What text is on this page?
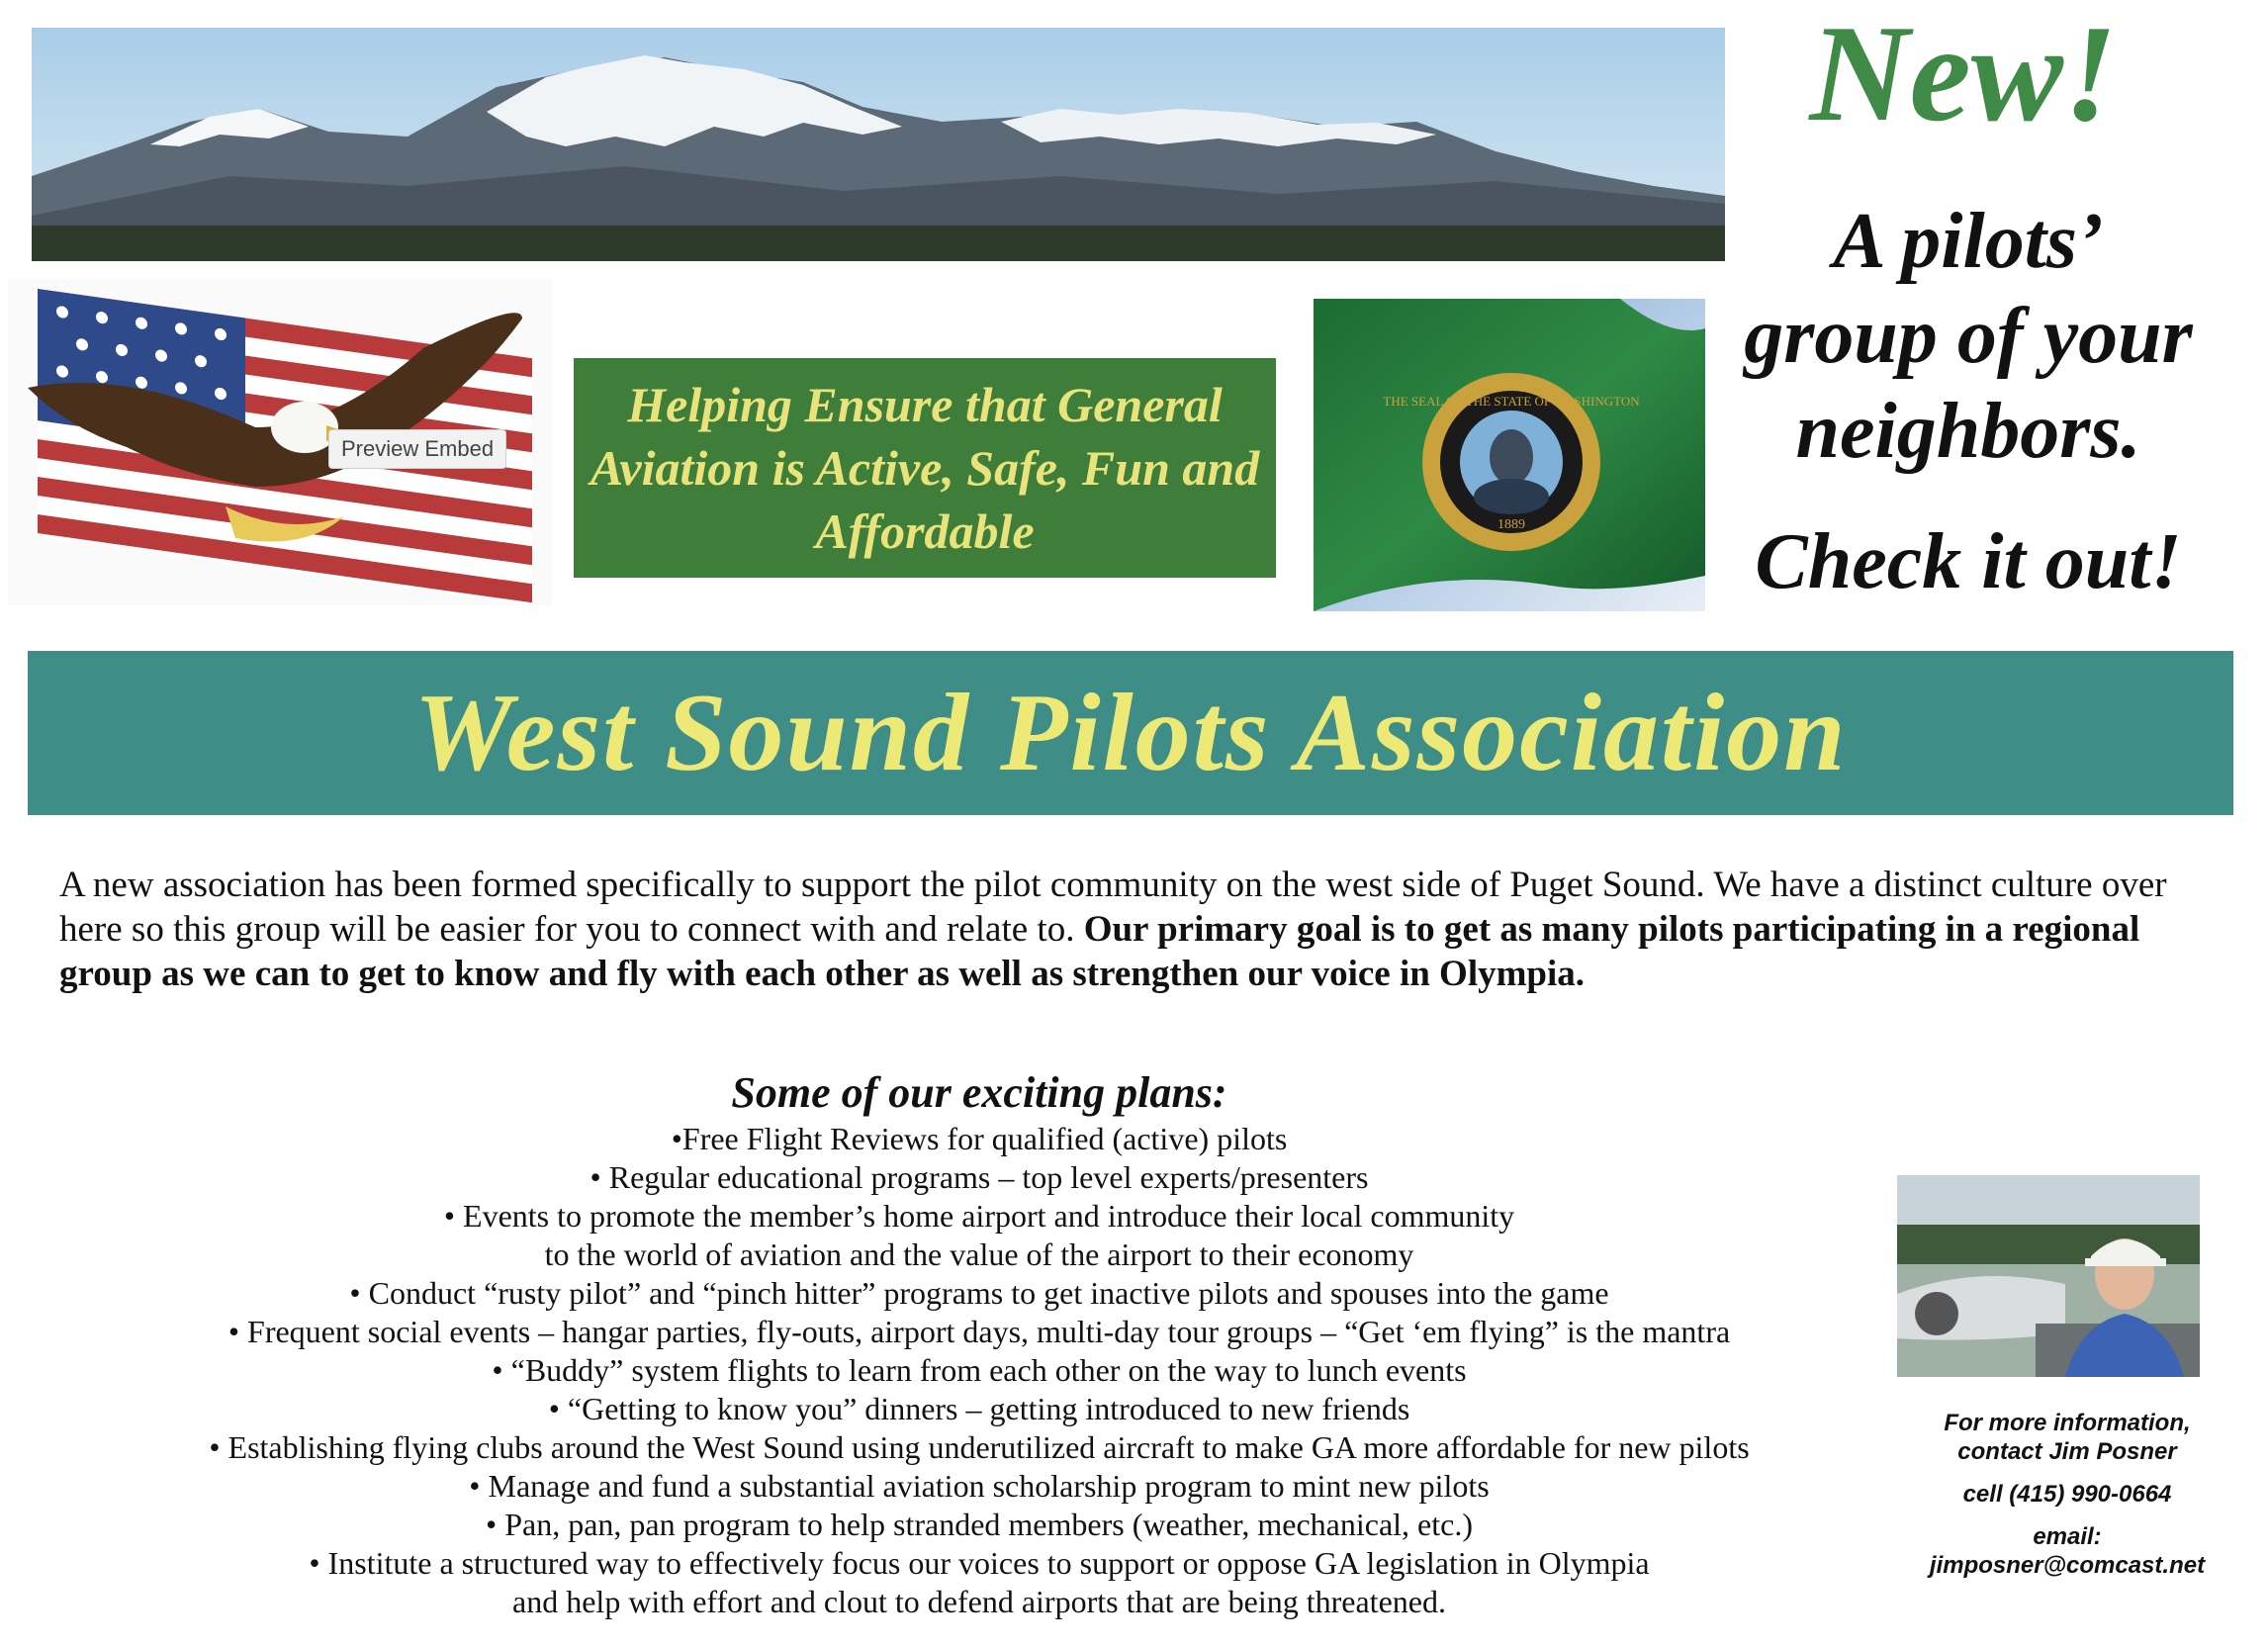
New!
A pilots’
group of your
neighbors.
Check it out!
Preview Embed
Helping Ensure that General Aviation is Active, Safe, Fun and Affordable
THE SEAL OF THE STATE OF WASHINGTON
1889
West Sound Pilots Association
A new association has been formed specifically to support the pilot community on the west side of Puget Sound. We have a distinct culture over here so this group will be easier for you to connect with and relate to. Our primary goal is to get as many pilots participating in a regional group as we can to get to know and fly with each other as well as strengthen our voice in Olympia.
Some of our exciting plans:
•Free Flight Reviews for qualified (active) pilots
• Regular educational programs – top level experts/presenters
• Events to promote the member’s home airport and introduce their local community
to the world of aviation and the value of the airport to their economy
• Conduct “rusty pilot” and “pinch hitter” programs to get inactive pilots and spouses into the game
• Frequent social events – hangar parties, fly-outs, airport days, multi-day tour groups – “Get ‘em flying” is the mantra
• “Buddy” system flights to learn from each other on the way to lunch events
• “Getting to know you” dinners – getting introduced to new friends
• Establishing flying clubs around the West Sound using underutilized aircraft to make GA more affordable for new pilots
• Manage and fund a substantial aviation scholarship program to mint new pilots
• Pan, pan, pan program to help stranded members (weather, mechanical, etc.)
• Institute a structured way to effectively focus our voices to support or oppose GA legislation in Olympia
and help with effort and clout to defend airports that are being threatened.

For more information, contact Jim Posner

cell (415) 990-0664

email:

jimposner@comcast.net
